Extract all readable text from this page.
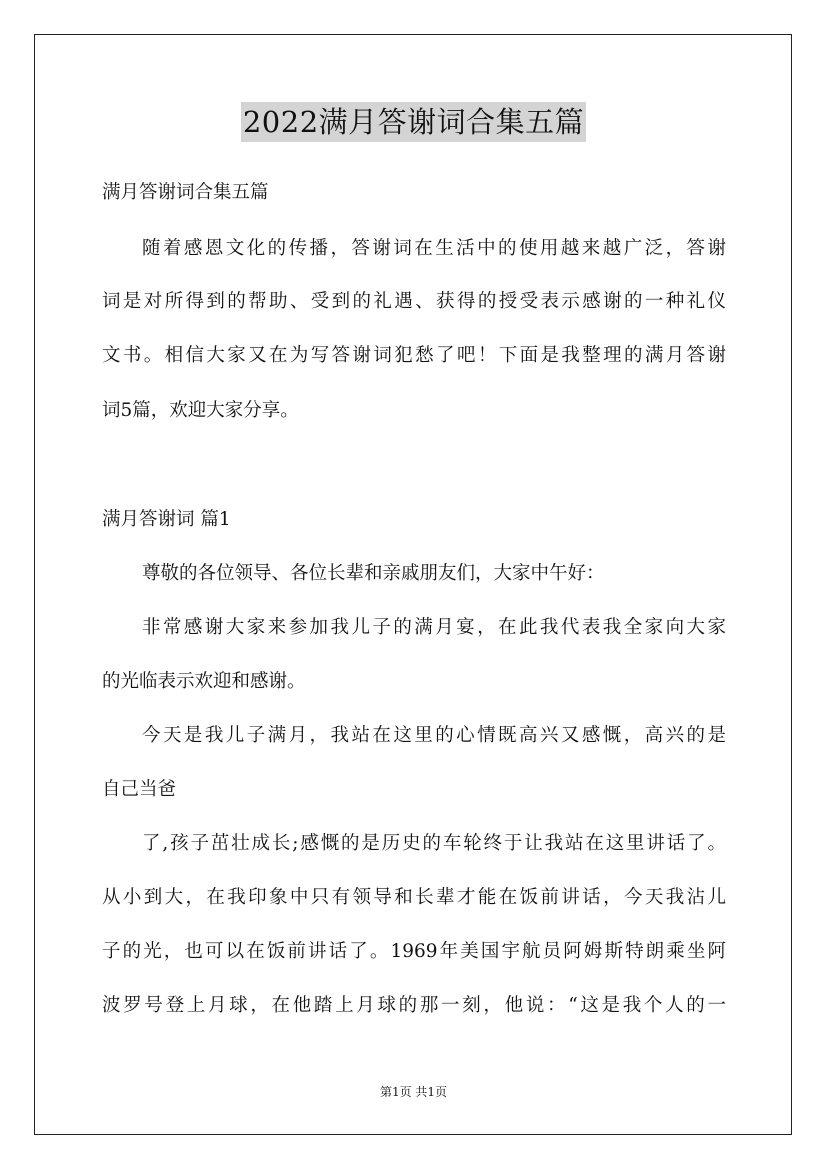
2022满月答谢词合集五篇
满月答谢词合集五篇
随着感恩文化的传播，答谢词在生活中的使用越来越广泛，答谢
词是对所得到的帮助、受到的礼遇、获得的授受表示感谢的一种礼仪
文书。相信大家又在为写答谢词犯愁了吧！下面是我整理的满月答谢
词5篇，欢迎大家分享。
满月答谢词 篇1
尊敬的各位领导、各位长辈和亲戚朋友们，大家中午好：
非常感谢大家来参加我儿子的满月宴，在此我代表我全家向大家
的光临表示欢迎和感谢。
今天是我儿子满月，我站在这里的心情既高兴又感慨，高兴的是
自己当爸
了,孩子茁壮成长;感慨的是历史的车轮终于让我站在这里讲话了。
从小到大，在我印象中只有领导和长辈才能在饭前讲话，今天我沾儿
子的光，也可以在饭前讲话了。1969年美国宇航员阿姆斯特朗乘坐阿
波罗号登上月球，在他踏上月球的那一刻，他说：“这是我个人的一
第1页 共1页
